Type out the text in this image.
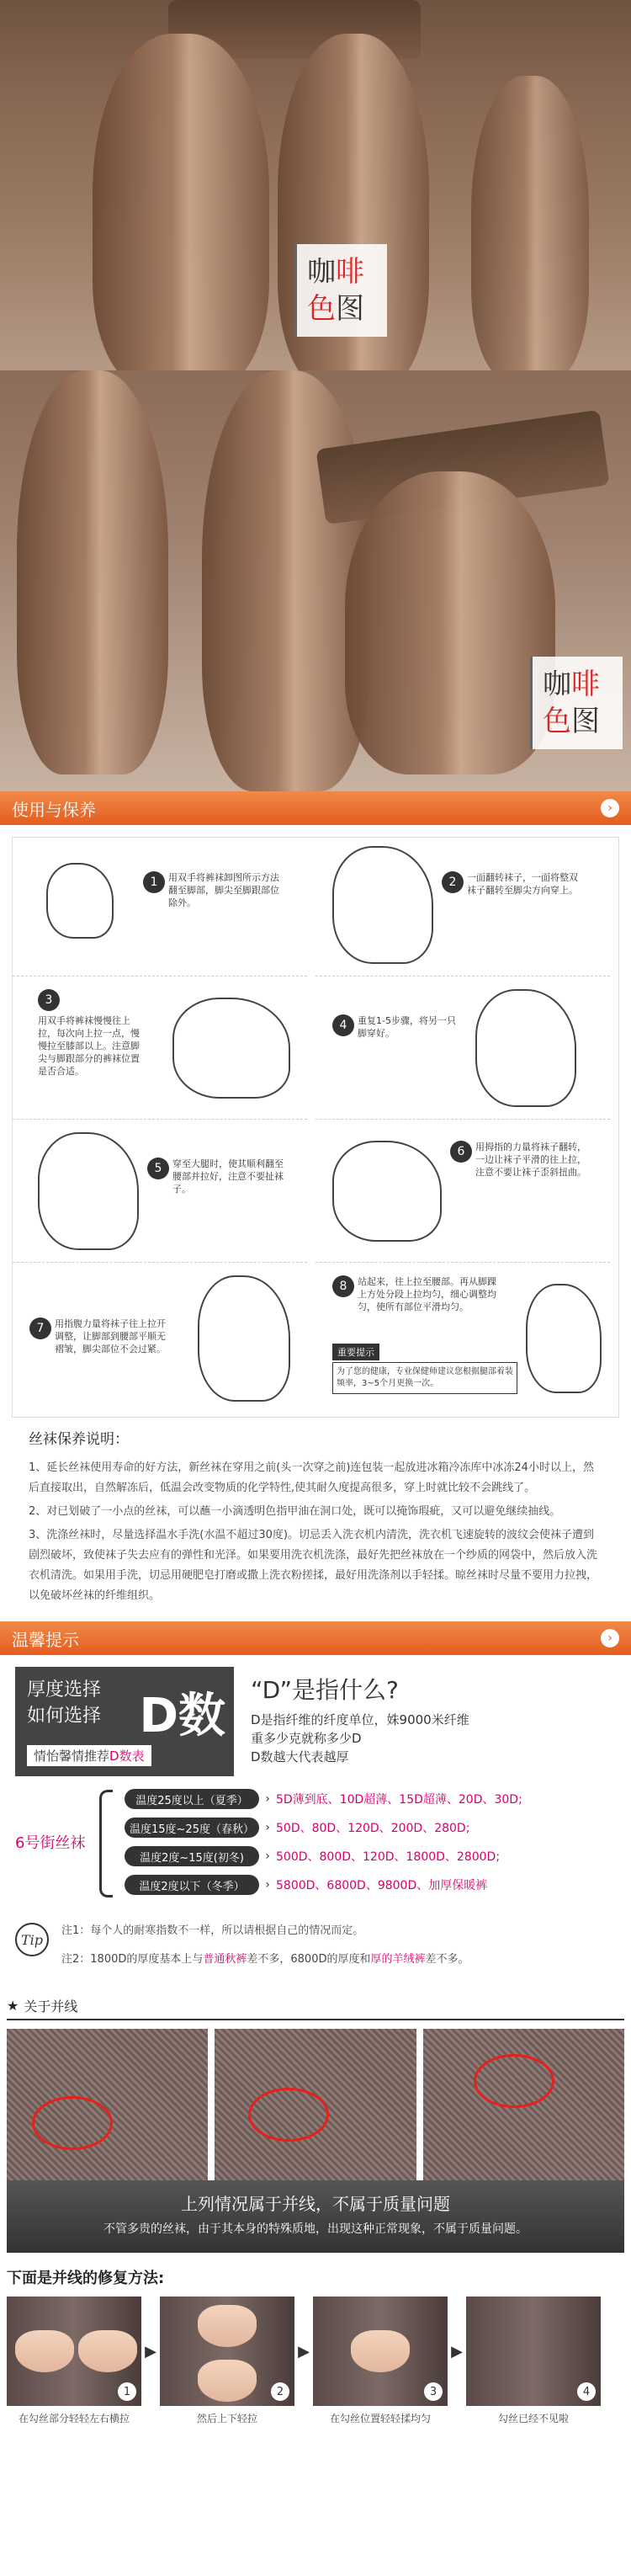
咖啡
色图
咖啡
色图
使用与保养	›
1	用双手将裤袜卸图所示方法翻至脚部，脚尖至脚跟部位除外。
2	一面翻转袜子，一面将整双袜子翻转至脚尖方向穿上。
用双手将裤袜慢慢往上拉，每次向上拉一点，慢慢拉至膝部以上。注意脚尖与脚跟部分的裤袜位置是否合适。
3
4	重复1-5步骤，将另一只脚穿好。
5	穿至大腿时，使其顺利翻至腰部并拉好，注意不要扯袜子。
6	用拇指的力量将袜子翻转，一边让袜子平滑的往上拉，注意不要让袜子歪斜扭曲。
7	用指腹力量将袜子往上拉开调整，让脚部到腰部平顺无褶皱，脚尖部位不会过紧。
8	站起来，往上拉至腰部。再从脚踝上方处分段上拉均匀，细心调整均匀，使所有部位平滑均匀。
重要提示
为了您的健康，专业保健师建议您根据腿部着装频率，3~5个月更换一次。
丝袜保养说明：

1、延长丝袜使用寿命的好方法，新丝袜在穿用之前(头一次穿之前)连包装一起放进冰箱冷冻库中冰冻24小时以上，然后直接取出，自然解冻后，低温会改变物质的化学特性,使其耐久度提高很多，穿上时就比较不会跳线了。

2、对已划破了一小点的丝袜，可以蘸一小滴透明色指甲油在洞口处，既可以掩饰瑕疵，又可以避免继续抽线。

3、洗涤丝袜时，尽量选择温水手洗(水温不超过30度)。切忌丢入洗衣机内清洗，洗衣机飞速旋转的波纹会使袜子遭到剧烈破坏，致使袜子失去应有的弹性和光泽。如果要用洗衣机洗涤，最好先把丝袜放在一个纱质的网袋中，然后放入洗衣机清洗。如果用手洗，切忌用硬肥皂打磨或撒上洗衣粉搓揉，最好用洗涤剂以手轻揉。晾丝袜时尽量不要用力拉拽，以免破坏丝袜的纤维组织。

温馨提示	›
厚度选择
如何选择 D数
情怡馨情推荐D数表
“D”是指什么?

D是指纤维的纤度单位，姝9000米纤维

重多少克就称多少D

D数越大代表越厚

6号街丝袜
温度25度以上（夏季）	› 5D薄到底、10D超薄、15D超薄、20D、30D;
温度15度~25度（春秋） › 50D、80D、120D、200D、280D;
温度2度~15度(初冬)	› 500D、800D、120D、1800D、2800D;
温度2度以下（冬季）	› 5800D、6800D、9800D、加厚保暖裤
Tip
注1：每个人的耐寒指数不一样，所以请根据自己的情况而定。
注2：1800D的厚度基本上与普通秋裤差不多，6800D的厚度和厚的羊绒裤差不多。
★ 关于并线
上列情况属于并线，不属于质量问题
不管多贵的丝袜，由于其本身的特殊质地，出现这种正常现象，不属于质量问题。
下面是并线的修复方法:
1
在勾丝部分轻轻左右横拉
▶
2
然后上下轻拉
▶
3
在勾丝位置轻轻揉均匀
▶
4
勾丝已经不见啦
